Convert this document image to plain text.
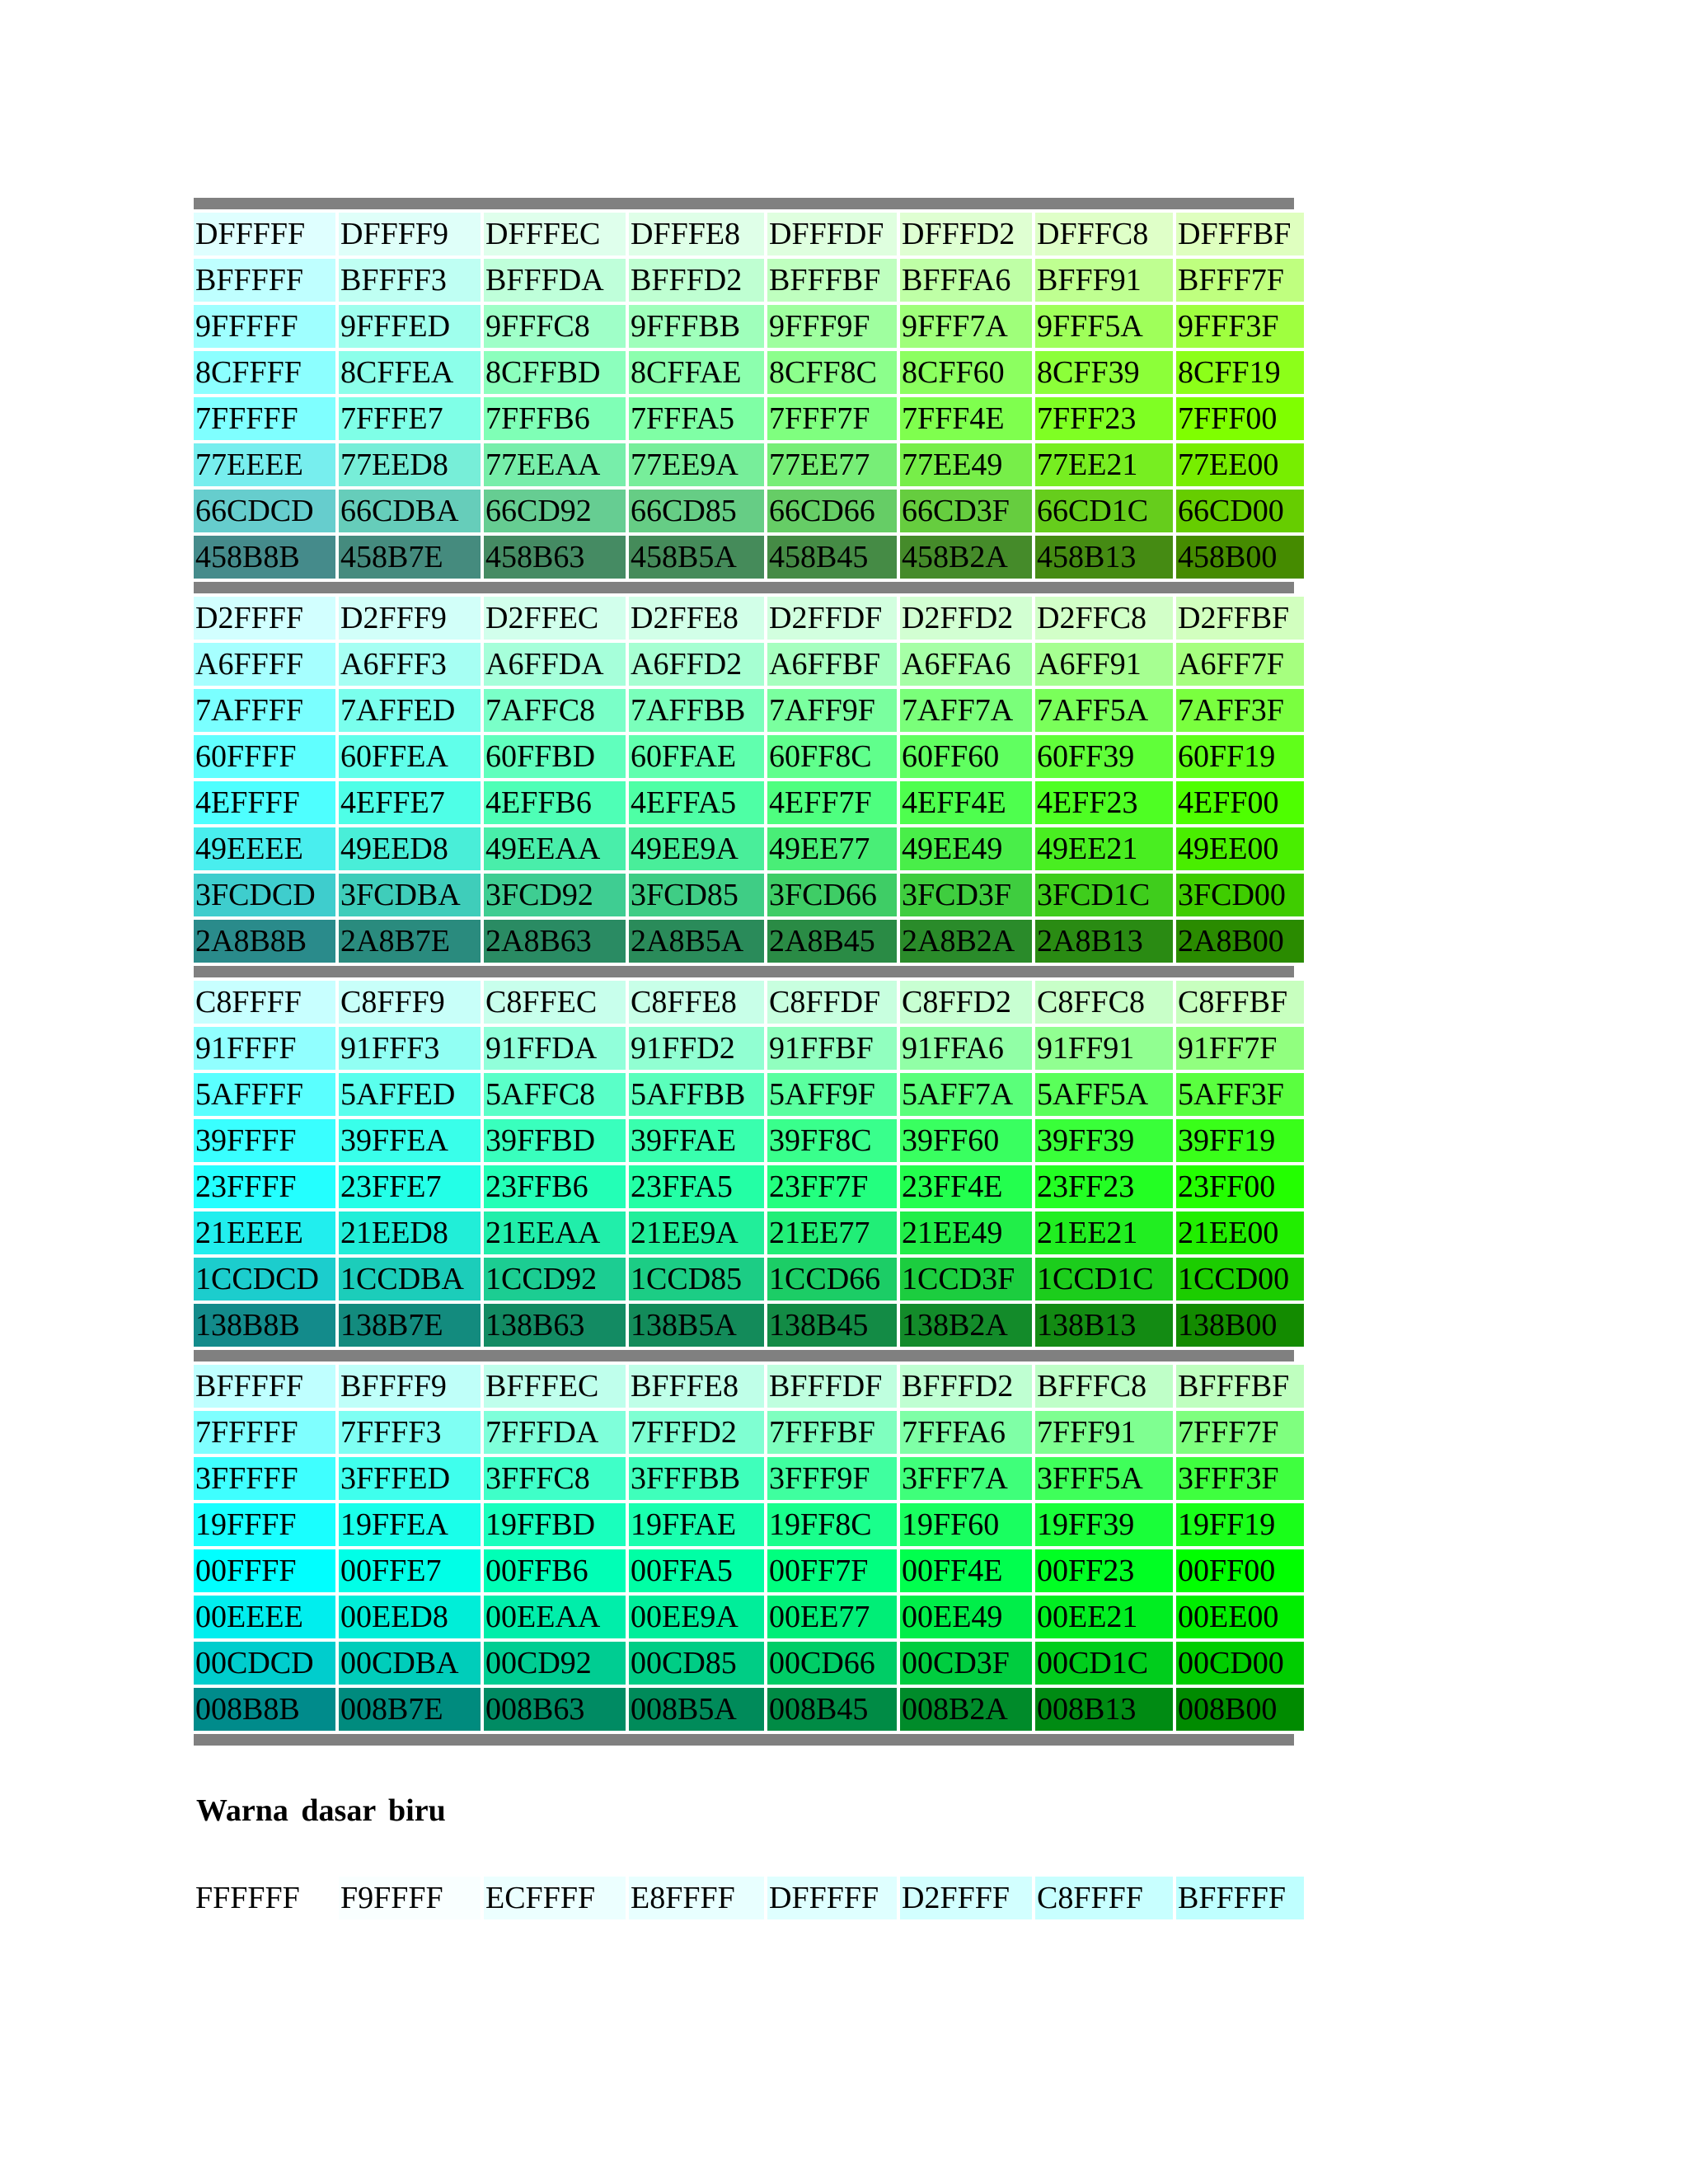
DFFFFF	DFFFF9	DFFFEC DFFFE8 DFFFDF DFFFD2 DFFFC8 DFFFBF
BFFFFF	BFFFF3	BFFFDA BFFFD2 BFFFBF BFFFA6 BFFF91	BFFF7F
9FFFFF	9FFFED	9FFFC8	9FFFBB 9FFF9F	9FFF7A 9FFF5A	9FFF3F
8CFFFF	8CFFEA	8CFFBD 8CFFAE 8CFF8C 8CFF60	8CFF39	8CFF19
7FFFFF	7FFFE7	7FFFB6	7FFFA5	7FFF7F	7FFF4E	7FFF23	7FFF00
77EEEE	77EED8	77EEAA 77EE9A 77EE77	77EE49	77EE21	77EE00
66CDCD 66CDBA 66CD92	66CD85	66CD66 66CD3F 66CD1C 66CD00
458B8B	458B7E	458B63	458B5A	458B45	458B2A 458B13	458B00
D2FFFF	D2FFF9	D2FFEC	D2FFE8 D2FFDF D2FFD2 D2FFC8 D2FFBF
A6FFFF	A6FFF3	A6FFDA A6FFD2 A6FFBF A6FFA6 A6FF91	A6FF7F
7AFFFF	7AFFED 7AFFC8	7AFFBB 7AFF9F 7AFF7A 7AFF5A 7AFF3F
60FFFF	60FFEA	60FFBD	60FFAE	60FF8C 60FF60	60FF39	60FF19
4EFFFF	4EFFE7	4EFFB6	4EFFA5	4EFF7F 4EFF4E 4EFF23	4EFF00
49EEEE	49EED8	49EEAA 49EE9A 49EE77	49EE49	49EE21	49EE00
3FCDCD 3FCDBA 3FCD92	3FCD85 3FCD66 3FCD3F 3FCD1C 3FCD00
2A8B8B	2A8B7E	2A8B63	2A8B5A 2A8B45 2A8B2A 2A8B13	2A8B00
C8FFFF	C8FFF9	C8FFEC	C8FFE8	C8FFDF C8FFD2 C8FFC8	C8FFBF
91FFFF	91FFF3	91FFDA	91FFD2	91FFBF 91FFA6	91FF91	91FF7F
5AFFFF	5AFFED 5AFFC8	5AFFBB 5AFF9F 5AFF7A 5AFF5A 5AFF3F
39FFFF	39FFEA	39FFBD	39FFAE	39FF8C 39FF60	39FF39	39FF19
23FFFF	23FFE7	23FFB6	23FFA5	23FF7F	23FF4E	23FF23	23FF00
21EEEE	21EED8	21EEAA 21EE9A 21EE77	21EE49	21EE21	21EE00
1CCDCD 1CCDBA 1CCD92	1CCD85 1CCD66 1CCD3F 1CCD1C 1CCD00
138B8B	138B7E	138B63	138B5A	138B45	138B2A 138B13	138B00
BFFFFF	BFFFF9	BFFFEC	BFFFE8 BFFFDF BFFFD2 BFFFC8 BFFFBF
7FFFFF	7FFFF3	7FFFDA	7FFFD2	7FFFBF 7FFFA6 7FFF91	7FFF7F
3FFFFF	3FFFED	3FFFC8	3FFFBB 3FFF9F	3FFF7A 3FFF5A	3FFF3F
19FFFF	19FFEA	19FFBD	19FFAE	19FF8C 19FF60	19FF39	19FF19
00FFFF	00FFE7	00FFB6	00FFA5	00FF7F	00FF4E	00FF23	00FF00
00EEEE	00EED8	00EEAA 00EE9A 00EE77	00EE49	00EE21	00EE00
00CDCD 00CDBA 00CD92	00CD85	00CD66 00CD3F 00CD1C 00CD00
008B8B	008B7E	008B63	008B5A	008B45	008B2A 008B13	008B00
Warna dasar biru
FFFFFF	F9FFFF	ECFFFF	E8FFFF	DFFFFF D2FFFF C8FFFF	BFFFFF
